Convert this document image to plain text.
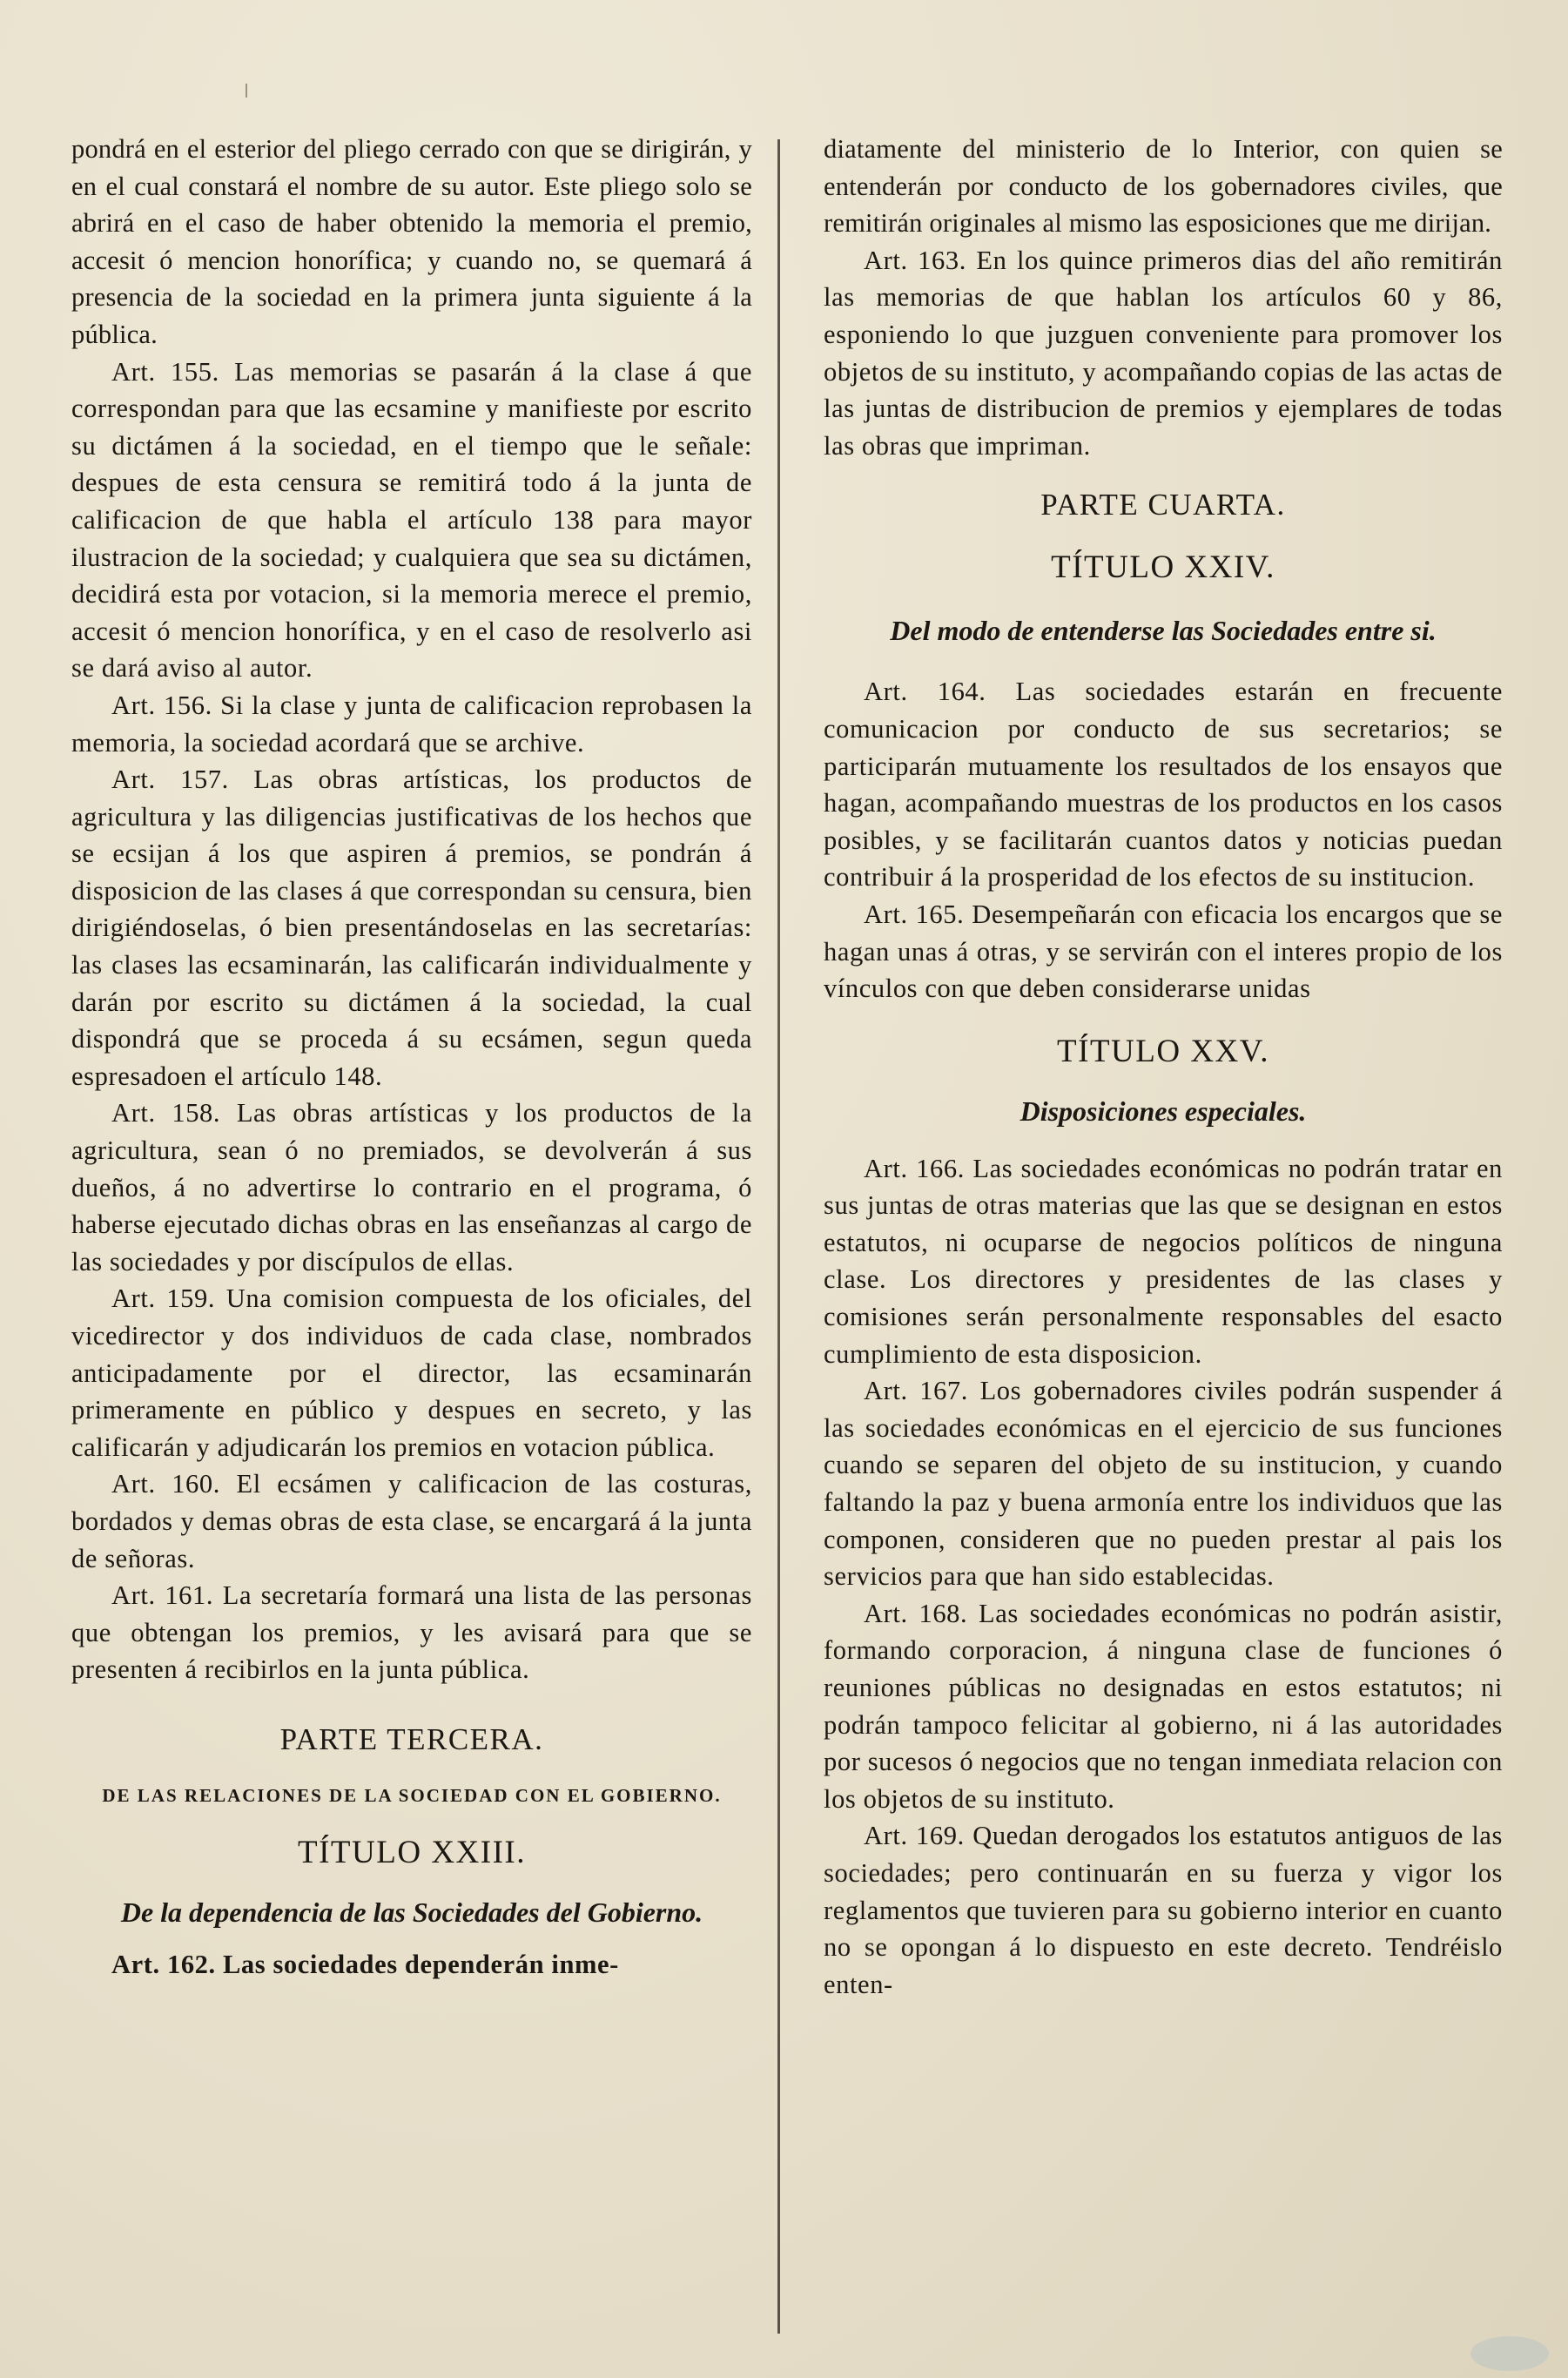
pondrá en el esterior del pliego cerrado con que se dirigirán, y en el cual constará el nombre de su autor. Este pliego solo se abrirá en el caso de haber obtenido la memoria el premio, accesit ó mencion honorífica; y cuando no, se quemará á presencia de la sociedad en la primera junta siguiente á la pública.

Art. 155. Las memorias se pasarán á la clase á que correspondan para que las ecsamine y manifieste por escrito su dictámen á la sociedad, en el tiempo que le señale: despues de esta censura se remitirá todo á la junta de calificacion de que habla el artículo 138 para mayor ilustracion de la sociedad; y cualquiera que sea su dictámen, decidirá esta por votacion, si la memoria merece el premio, accesit ó mencion honorífica, y en el caso de resolverlo asi se dará aviso al autor.

Art. 156. Si la clase y junta de calificacion reprobasen la memoria, la sociedad acordará que se archive.

Art. 157. Las obras artísticas, los productos de agricultura y las diligencias justificativas de los hechos que se ecsijan á los que aspiren á premios, se pondrán á disposicion de las clases á que correspondan su censura, bien dirigiéndoselas, ó bien presentándoselas en las secretarías: las clases las ecsaminarán, las calificarán individualmente y darán por escrito su dictámen á la sociedad, la cual dispondrá que se proceda á su ecsámen, segun queda espresadoen el artículo 148.

Art. 158. Las obras artísticas y los productos de la agricultura, sean ó no premiados, se devolverán á sus dueños, á no advertirse lo contrario en el programa, ó haberse ejecutado dichas obras en las enseñanzas al cargo de las sociedades y por discípulos de ellas.

Art. 159. Una comision compuesta de los oficiales, del vicedirector y dos individuos de cada clase, nombrados anticipadamente por el director, las ecsaminarán primeramente en público y despues en secreto, y las calificarán y adjudicarán los premios en votacion pública.

Art. 160. El ecsámen y calificacion de las costuras, bordados y demas obras de esta clase, se encargará á la junta de señoras.

Art. 161. La secretaría formará una lista de las personas que obtengan los premios, y les avisará para que se presenten á recibirlos en la junta pública.

PARTE TERCERA.
DE LAS RELACIONES DE LA SOCIEDAD CON EL GOBIERNO.
TÍTULO XXIII.
De la dependencia de las Sociedades del Gobierno.

Art. 162. Las sociedades dependerán inme-

diatamente del ministerio de lo Interior, con quien se entenderán por conducto de los gobernadores civiles, que remitirán originales al mismo las esposiciones que me dirijan.

Art. 163. En los quince primeros dias del año remitirán las memorias de que hablan los artículos 60 y 86, esponiendo lo que juzguen conveniente para promover los objetos de su instituto, y acompañando copias de las actas de las juntas de distribucion de premios y ejemplares de todas las obras que impriman.

PARTE CUARTA.
TÍTULO XXIV.
Del modo de entenderse las Sociedades entre si.

Art. 164. Las sociedades estarán en frecuente comunicacion por conducto de sus secretarios; se participarán mutuamente los resultados de los ensayos que hagan, acompañando muestras de los productos en los casos posibles, y se facilitarán cuantos datos y noticias puedan contribuir á la prosperidad de los efectos de su institucion.

Art. 165. Desempeñarán con eficacia los encargos que se hagan unas á otras, y se servirán con el interes propio de los vínculos con que deben considerarse unidas

TÍTULO XXV.
Disposiciones especiales.

Art. 166. Las sociedades económicas no podrán tratar en sus juntas de otras materias que las que se designan en estos estatutos, ni ocuparse de negocios políticos de ninguna clase. Los directores y presidentes de las clases y comisiones serán personalmente responsables del esacto cumplimiento de esta disposicion.

Art. 167. Los gobernadores civiles podrán suspender á las sociedades económicas en el ejercicio de sus funciones cuando se separen del objeto de su institucion, y cuando faltando la paz y buena armonía entre los individuos que las componen, consideren que no pueden prestar al pais los servicios para que han sido establecidas.

Art. 168. Las sociedades económicas no podrán asistir, formando corporacion, á ninguna clase de funciones ó reuniones públicas no designadas en estos estatutos; ni podrán tampoco felicitar al gobierno, ni á las autoridades por sucesos ó negocios que no tengan inmediata relacion con los objetos de su instituto.

Art. 169. Quedan derogados los estatutos antiguos de las sociedades; pero continuarán en su fuerza y vigor los reglamentos que tuvieren para su gobierno interior en cuanto no se opongan á lo dispuesto en este decreto. Tendréislo enten-
